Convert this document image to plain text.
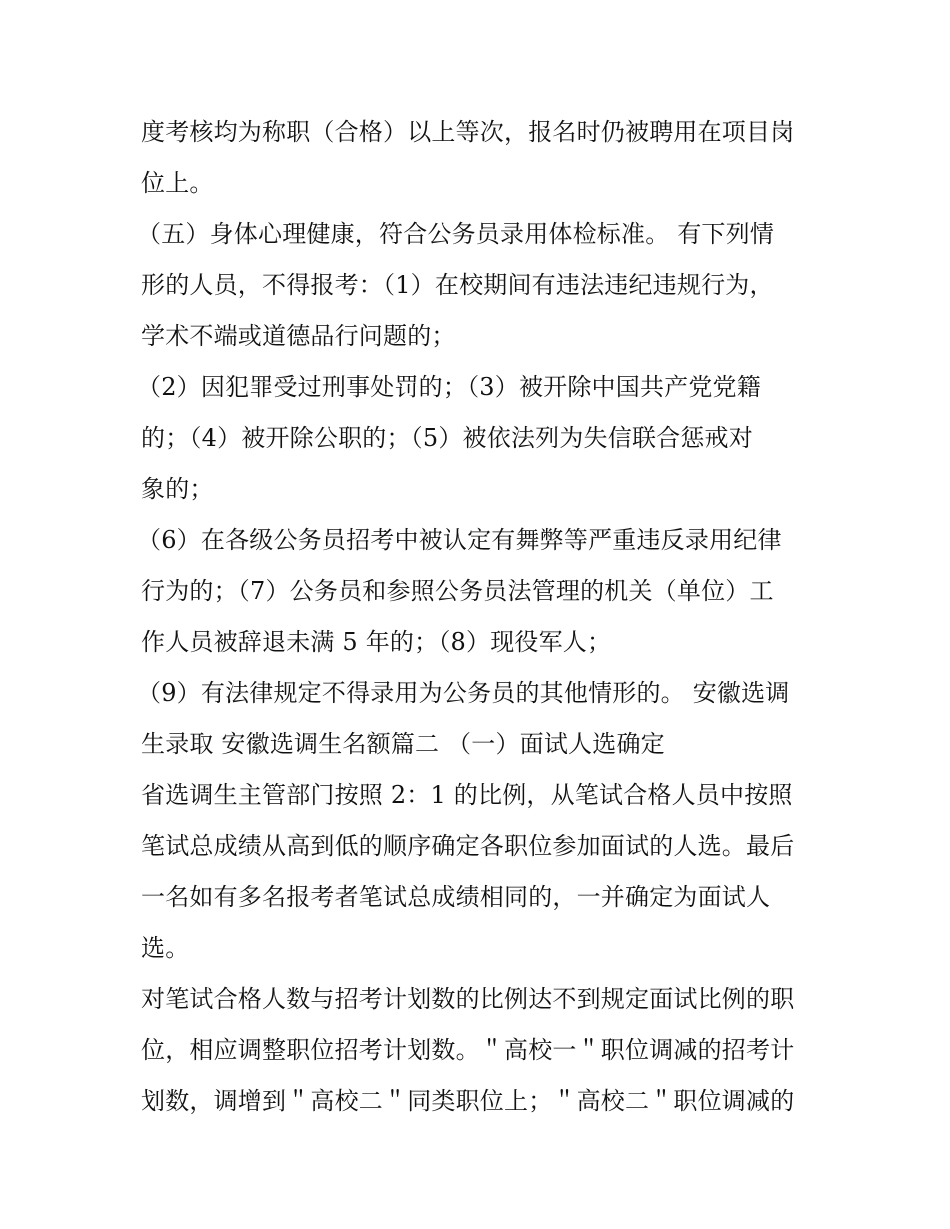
度考核均为称职（合格）以上等次，报名时仍被聘用在项目岗
位上。
（五）身体心理健康，符合公务员录用体检标准。 有下列情
形的人员，不得报考：（1）在校期间有违法违纪违规行为，
学术不端或道德品行问题的；
（2）因犯罪受过刑事处罚的；（3）被开除中国共产党党籍
的；（4）被开除公职的；（5）被依法列为失信联合惩戒对
象的；
（6）在各级公务员招考中被认定有舞弊等严重违反录用纪律
行为的；（7）公务员和参照公务员法管理的机关（单位）工
作人员被辞退未满 5 年的；（8）现役军人；
（9）有法律规定不得录用为公务员的其他情形的。 安徽选调
生录取 安徽选调生名额篇二 （一）面试人选确定
省选调生主管部门按照 2：1 的比例，从笔试合格人员中按照
笔试总成绩从高到低的顺序确定各职位参加面试的人选。最后
一名如有多名报考者笔试总成绩相同的，一并确定为面试人
选。
对笔试合格人数与招考计划数的比例达不到规定面试比例的职
位，相应调整职位招考计划数。＂高校一＂职位调减的招考计
划数，调增到＂高校二＂同类职位上；＂高校二＂职位调减的
